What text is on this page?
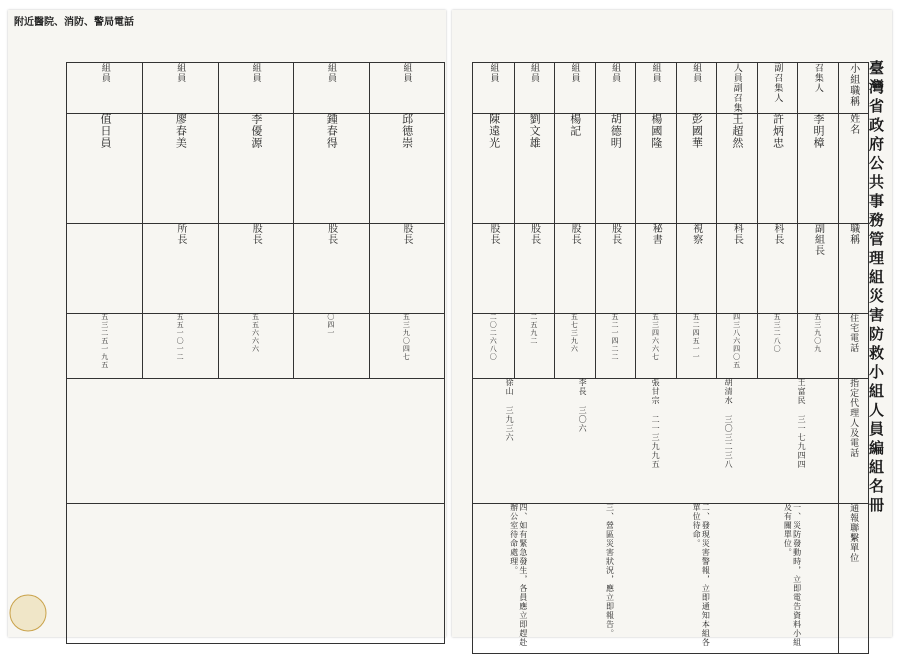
臺灣省政府公共事務管理組災害防救小組人員編組名冊
小組職稱
姓名
職稱
住宅電話
指定代理人及電話
通報聯繫單位
召集人
李明樟
副組長
五三九〇九
副召集人
許炳忠
科長
五三二八〇
人員副召集
王超然
科長
四三八六四〇五
組員
彭國華
視察
五二四五一一
組員
楊國隆
秘書
五三四六六七
組員
胡德明
股長
五二一四二二
組員
楊記
股長
五七三九六
組員
劉文雄
股長
二五九二
組員
陳遠光
股長
二〇二六八〇
王富民 三一七九四四
胡清水 三〇三二三八
張甘宗 二一三九九五
李長 三〇六
徐山 三九三六
一、災防發動時，立即電告資料小組及有關單位。
二、發現災害警報，立即通知本組各單位待命。
三、營區災害狀況，應立即報告。
四、如有緊急發生，各員應立即趕赴辦公室待命處理。
組員
邱德崇
股長
五三九〇四七
組員
鍾春得
股長
〇四一
組員
李優源
股長
五五六六六
組員
廖春美
所長
五五一〇一二
組員
值日員
五三二五一九五
附近醫院、消防、警局電話
